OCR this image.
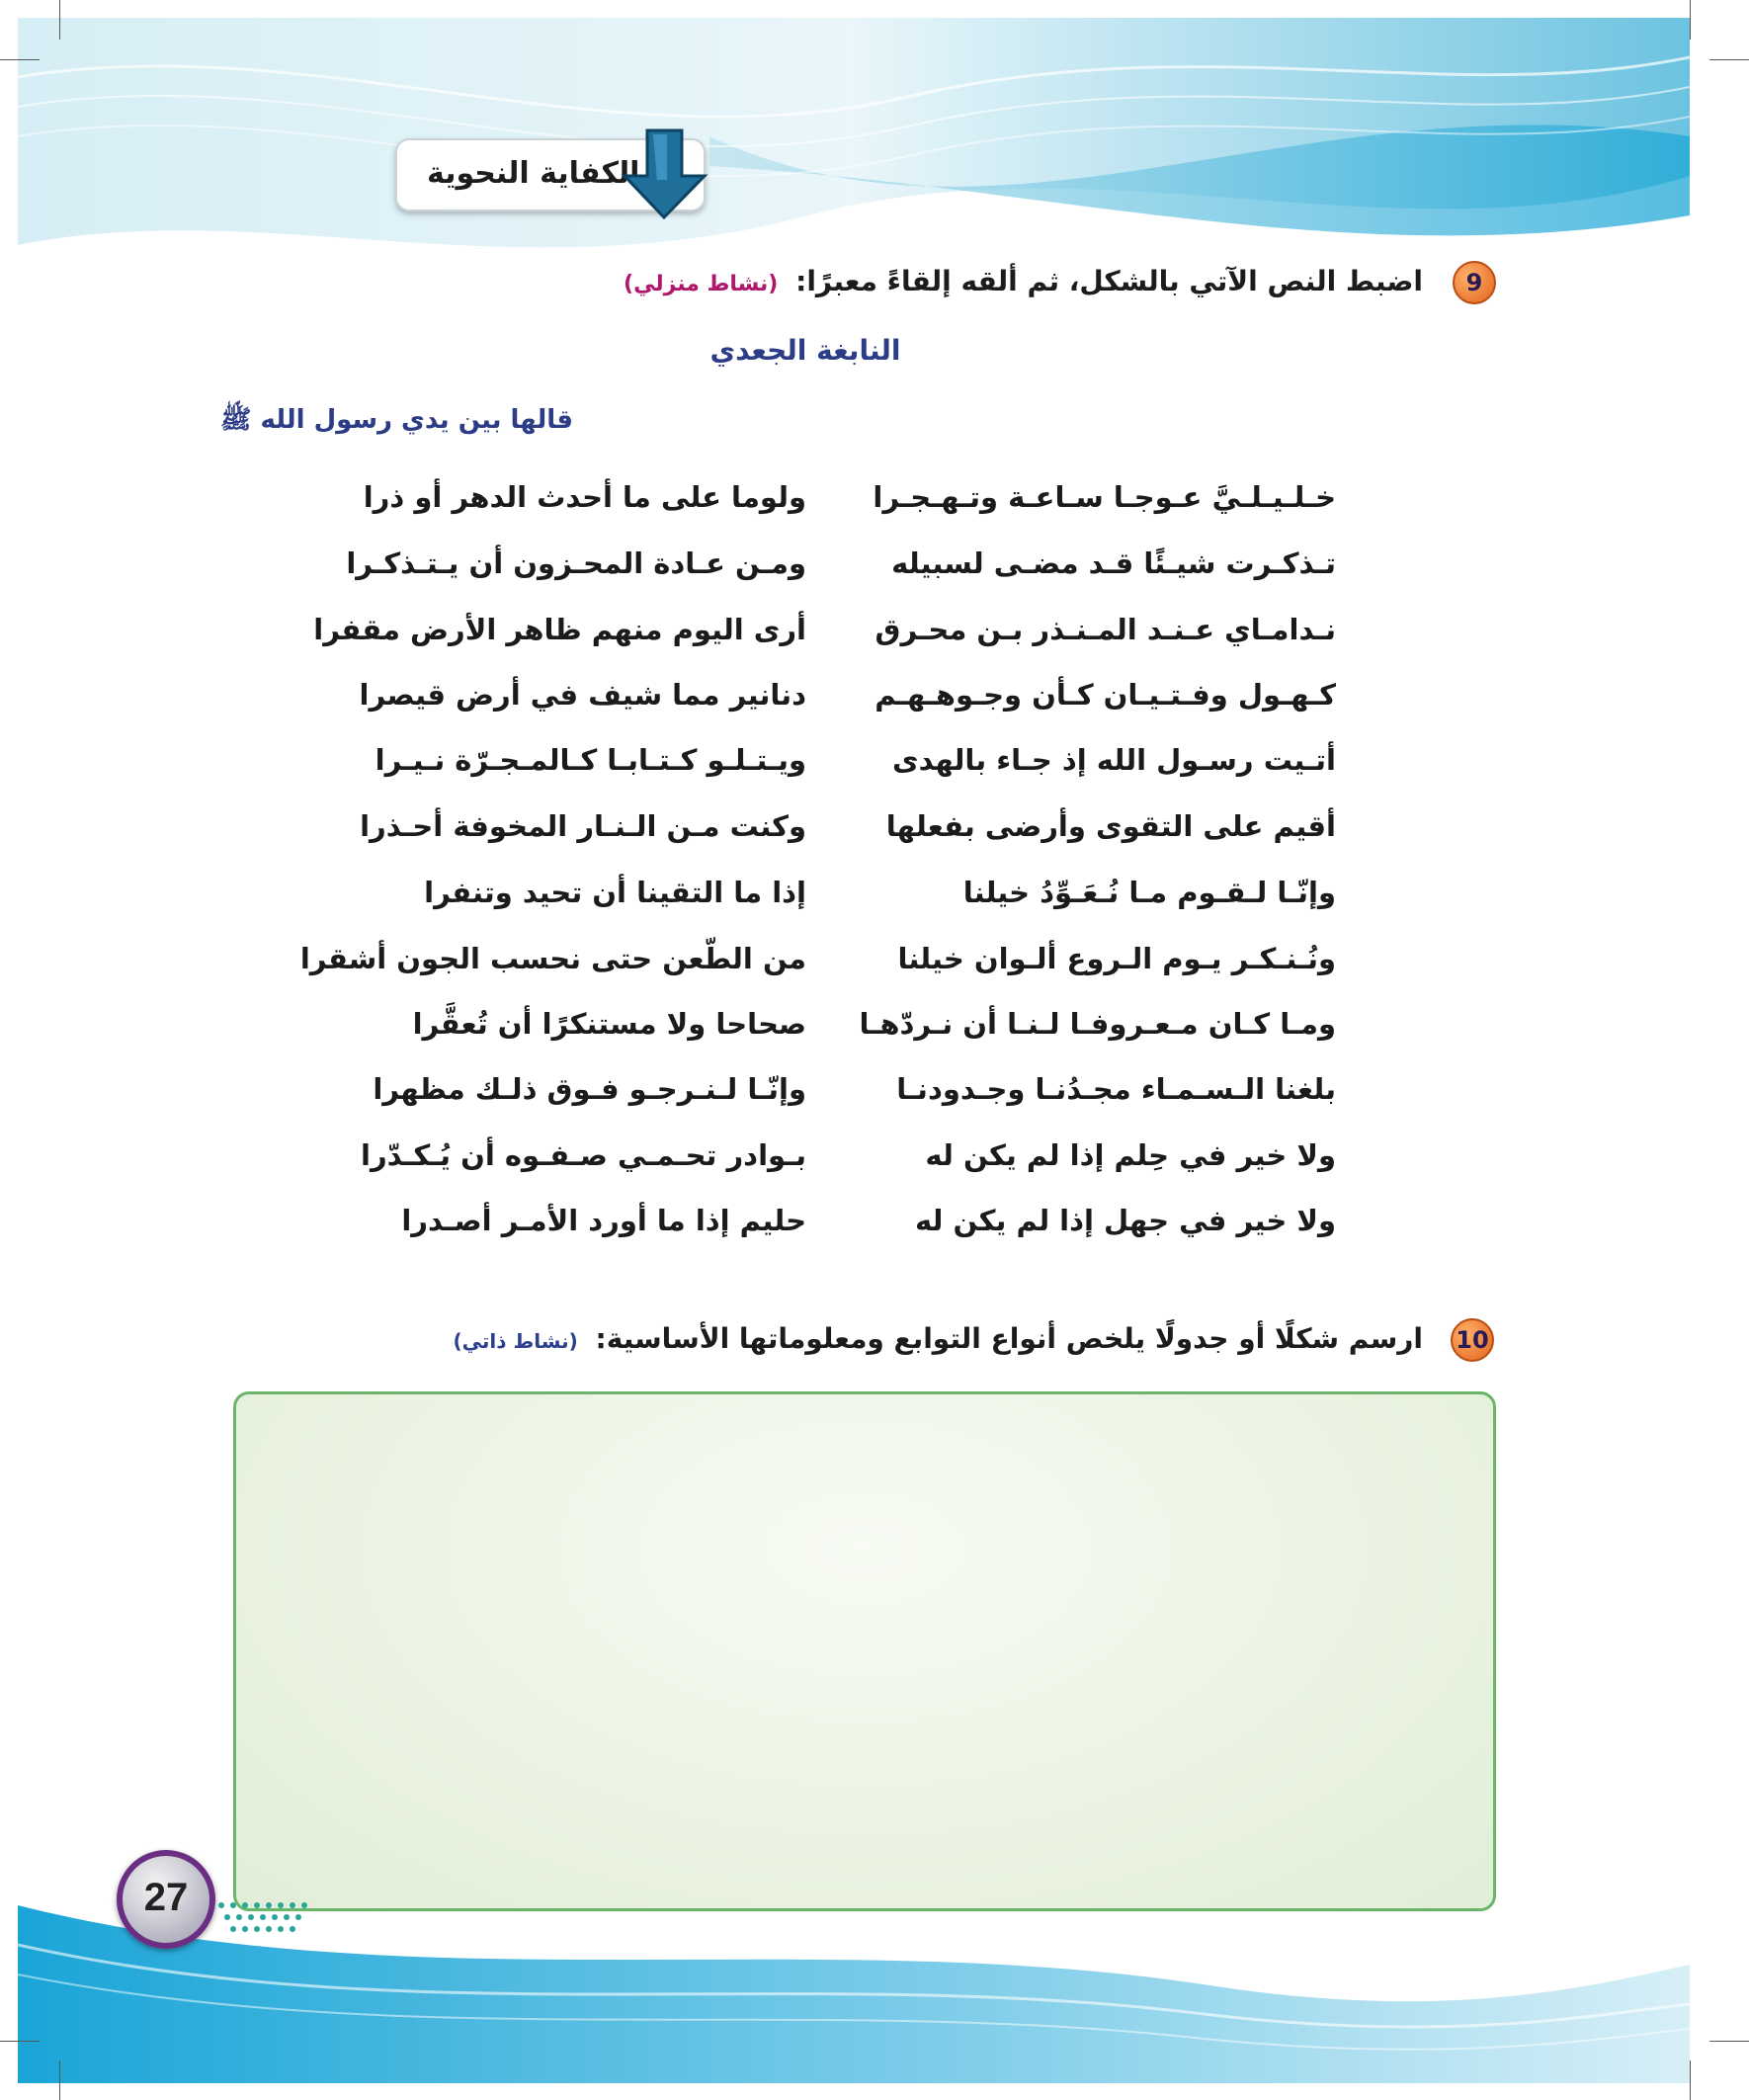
الكفاية النحوية
9
اضبط النص الآتي بالشكل، ثم ألقه إلقاءً معبرًا: (نشاط منزلي)
النابغة الجعدي
قالها بين يدي رسول الله ﷺ
خـلـيـلـيَّ عـوجـا سـاعـة وتـهـجـرا
ولوما على ما أحدث الدهر أو ذرا
تـذكـرت شيـئًا قـد مضـى لسبيله
ومـن عـادة المحـزون أن يـتـذكـرا
نـدامـاي عـنـد المـنـذر بـن محـرق
أرى اليوم منهم ظاهر الأرض مقفرا
كـهـول وفـتـيـان كـأن وجـوهـهـم
دنانير مما شيف في أرض قيصرا
أتـيت رسـول الله إذ جـاء بالهدى
ويـتـلـو كـتـابـا كـالمـجـرّة نـيـرا
أقيم على التقوى وأرضى بفعلها
وكنت مـن الـنـار المخوفة أحـذرا
وإنّـا لـقـوم مـا نُـعَـوِّدُ خيلنا
إذا ما التقينا أن تحيد وتنفرا
ونُـنـكـر يـوم الـروع ألـوان خيلنا
من الطّعن حتى نحسب الجون أشقرا
ومـا كـان مـعـروفـا لـنـا أن نـردّهـا
صحاحا ولا مستنكرًا أن تُعقَّرا
بلغنا الـسـمـاء مجـدُنـا وجـدودنـا
وإنّـا لـنـرجـو فـوق ذلـك مظهرا
ولا خير في حِلم إذا لم يكن له
بـوادر تحـمـي صـفـوه أن يُـكـدّرا
ولا خير في جهل إذا لم يكن له
حليم إذا ما أورد الأمـر أصـدرا
10
ارسم شكلًا أو جدولًا يلخص أنواع التوابع ومعلوماتها الأساسية: (نشاط ذاتي)
27
